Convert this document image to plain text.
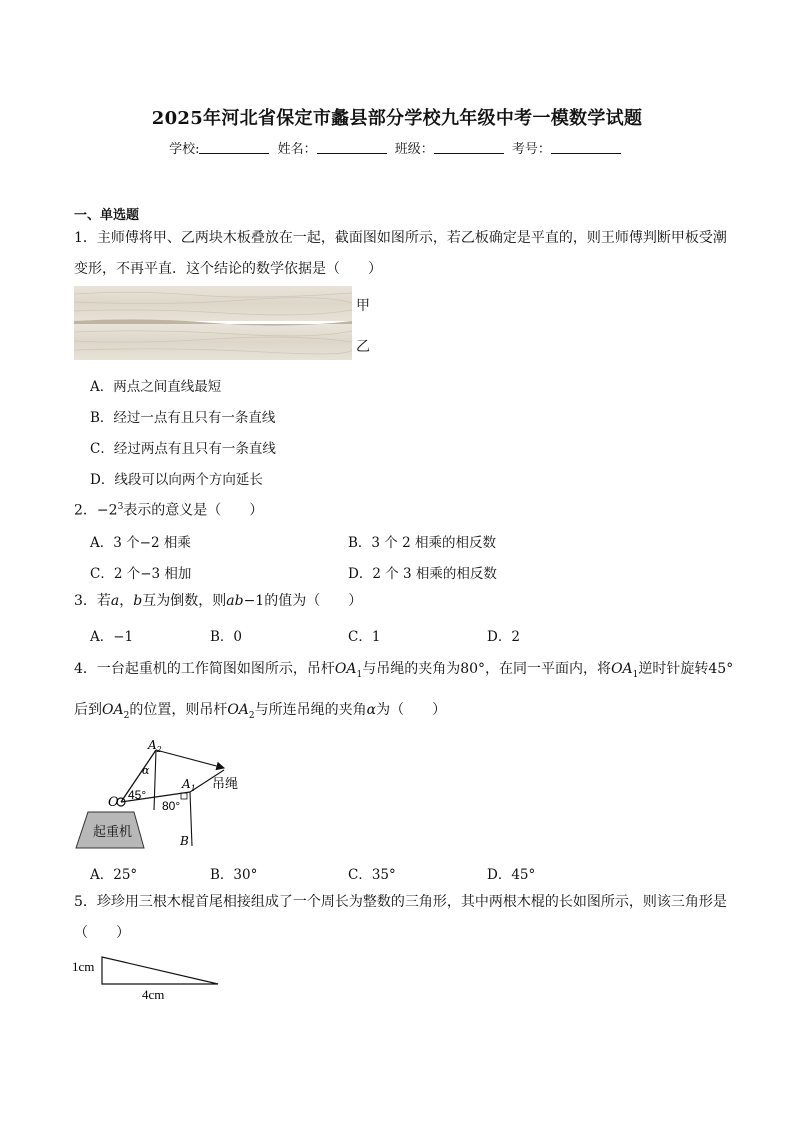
2025年河北省保定市蠡县部分学校九年级中考一模数学试题
学校:	姓名：	班级：	考号：
一、单选题
1．主师傅将甲、乙两块木板叠放在一起，截面图如图所示，若乙板确定是平直的，则王师傅判断甲板受潮
变形，不再平直．这个结论的数学依据是（　　）
甲
乙
A．两点之间直线最短
B．经过一点有且只有一条直线
C．经过两点有且只有一条直线
D．线段可以向两个方向延长
2．$-2^3$表示的意义是（　　）
A．3 个−2 相乘	B．3 个 2 相乘的相反数
C．2 个−3 相加	D．2 个 3 相乘的相反数
3．若a，b互为倒数，则ab−1的值为（　　）
A．−1	B．0	C．1	D．2
4．一台起重机的工作简图如图所示，吊杆$OA_1$与吊绳的夹角为80°，在同一平面内，将$OA_1$逆时针旋转45°
后到$OA_2$的位置，则吊杆$OA_2$与所连吊绳的夹角α为（　　）
起重机
$A_2$
α
$A_1$
O 45°
80°
B
吊绳
A．25°	B．30°	C．35°	D．45°
5．珍珍用三根木棍首尾相接组成了一个周长为整数的三角形，其中两根木棍的长如图所示，则该三角形是
（　　）
1cm
4cm
